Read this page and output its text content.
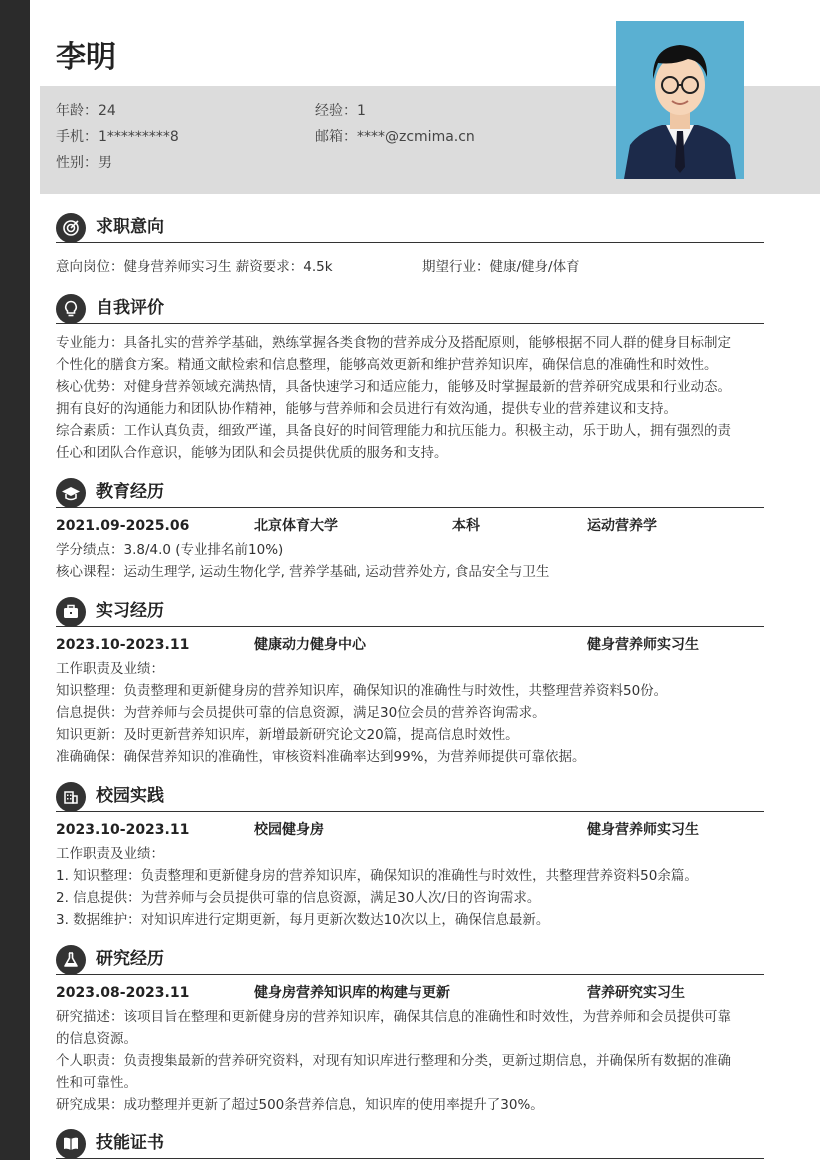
李明
年龄：24	经验：1
手机：1*********8	邮箱：****@zcmima.cn
性别：男
求职意向
意向岗位：健身营养师实习生 薪资要求：4.5k	期望行业：健康/健身/体育
自我评价
专业能力：具备扎实的营养学基础，熟练掌握各类食物的营养成分及搭配原则，能够根据不同人群的健身目标制定
个性化的膳食方案。精通文献检索和信息整理，能够高效更新和维护营养知识库，确保信息的准确性和时效性。
核心优势：对健身营养领域充满热情，具备快速学习和适应能力，能够及时掌握最新的营养研究成果和行业动态。
拥有良好的沟通能力和团队协作精神，能够与营养师和会员进行有效沟通，提供专业的营养建议和支持。
综合素质：工作认真负责，细致严谨，具备良好的时间管理能力和抗压能力。积极主动，乐于助人，拥有强烈的责
任心和团队合作意识，能够为团队和会员提供优质的服务和支持。
教育经历
2021.09-2025.06	北京体育大学	本科	运动营养学
学分绩点：3.8/4.0 (专业排名前10%)
核心课程：运动生理学, 运动生物化学, 营养学基础, 运动营养处方, 食品安全与卫生
实习经历
2023.10-2023.11	健康动力健身中心	健身营养师实习生
工作职责及业绩：
知识整理：负责整理和更新健身房的营养知识库，确保知识的准确性与时效性，共整理营养资料50份。
信息提供：为营养师与会员提供可靠的信息资源，满足30位会员的营养咨询需求。
知识更新：及时更新营养知识库，新增最新研究论文20篇，提高信息时效性。
准确确保：确保营养知识的准确性，审核资料准确率达到99%，为营养师提供可靠依据。
校园实践
2023.10-2023.11	校园健身房	健身营养师实习生
工作职责及业绩：
1. 知识整理：负责整理和更新健身房的营养知识库，确保知识的准确性与时效性，共整理营养资料50余篇。
2. 信息提供：为营养师与会员提供可靠的信息资源，满足30人次/日的咨询需求。
3. 数据维护：对知识库进行定期更新，每月更新次数达10次以上，确保信息最新。
研究经历
2023.08-2023.11	健身房营养知识库的构建与更新	营养研究实习生
研究描述：该项目旨在整理和更新健身房的营养知识库，确保其信息的准确性和时效性，为营养师和会员提供可靠
的信息资源。
个人职责：负责搜集最新的营养研究资料，对现有知识库进行整理和分类，更新过期信息，并确保所有数据的准确
性和可靠性。
研究成果：成功整理并更新了超过500条营养信息，知识库的使用率提升了30%。
技能证书
